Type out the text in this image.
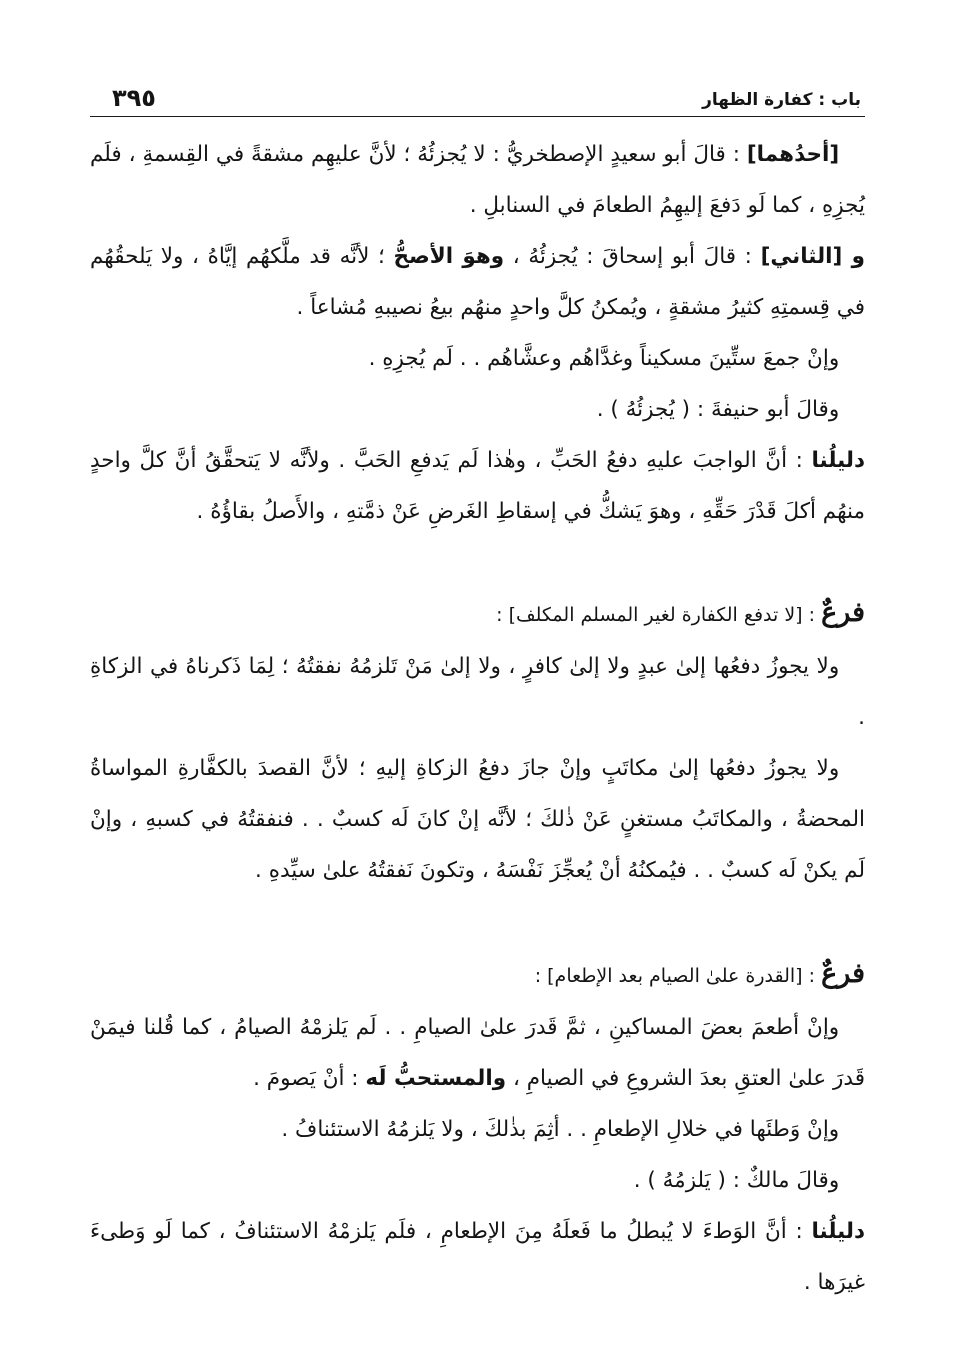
باب : كفارة الظهار
٣٩٥

[أحدُهما] : قالَ أبو سعيدٍ الإصطخريُّ : لا يُجزئُهُ ؛ لأنَّ عليهِم مشقةً في القِسمةِ ، فلَم يُجزِهِ ، كما لَو دَفعَ إليهِمُ الطعامَ في السنابلِ .

و [الثاني] : قالَ أبو إسحاقَ : يُجزئُهُ ، وهوَ الأصحُّ ؛ لأنَّه قد ملَّكهُم إيَّاهُ ، ولا يَلحقُهُم في قِسمتِهِ كثيرُ مشقةٍ ، ويُمكنُ كلَّ واحدٍ منهُم بيعُ نصيبهِ مُشاعاً .

وإنْ جمعَ ستِّينَ مسكيناً وغدَّاهُم وعشَّاهُم . . لَم يُجزِهِ .

وقالَ أبو حنيفةَ : ( يُجزئُهُ ) .

دليلُنا : أنَّ الواجبَ عليهِ دفعُ الحَبِّ ، وهٰذا لَم يَدفعِ الحَبَّ . ولأنَّه لا يَتحقَّقُ أنَّ كلَّ واحدٍ منهُم أكلَ قَدْرَ حَقِّهِ ، وهوَ يَشكُّ في إسقاطِ الغَرضِ عَنْ ذمَّتهِ ، والأَصلُ بقاؤُهُ .

فرعٌ : [لا تدفع الكفارة لغير المسلم المكلف] :

ولا يجوزُ دفعُها إلىٰ عبدٍ ولا إلىٰ كافرٍ ، ولا إلىٰ مَنْ تَلزمُهُ نفقتُهُ ؛ لِمَا ذَكرناهُ في الزكاةِ .

ولا يجوزُ دفعُها إلىٰ مكاتَبٍ وإنْ جازَ دفعُ الزكاةِ إليهِ ؛ لأنَّ القصدَ بالكفَّارةِ المواساةُ المحضةُ ، والمكاتَبُ مستغنٍ عَنْ ذٰلكَ ؛ لأنَّه إنْ كانَ لَه كسبٌ . . فنفقتُهُ في كسبهِ ، وإنْ لَم يكنْ لَه كسبٌ . . فيُمكنُهُ أنْ يُعجِّزَ نَفْسَهُ ، وتكونَ نَفقتُهُ علىٰ سيِّدهِ .

فرعٌ : [القدرة علىٰ الصيام بعد الإطعام] :

وإنْ أطعمَ بعضَ المساكينِ ، ثمَّ قَدرَ علىٰ الصيامِ . . لَم يَلزمْهُ الصيامُ ، كما قُلنا فيمَنْ قَدرَ علىٰ العتقِ بعدَ الشروعِ في الصيامِ ، والمستحبُّ لَه : أنْ يَصومَ .

وإنْ وَطئَها في خلالِ الإطعامِ . . أثِمَ بذٰلكَ ، ولا يَلزمُهُ الاستئنافُ .

وقالَ مالكٌ : ( يَلزمُهُ ) .

دليلُنا : أنَّ الوَطءَ لا يُبطلُ ما فَعلَهُ مِنَ الإطعامِ ، فلَم يَلزمْهُ الاستئنافُ ، كما لَو وَطىءَ غيرَها .
